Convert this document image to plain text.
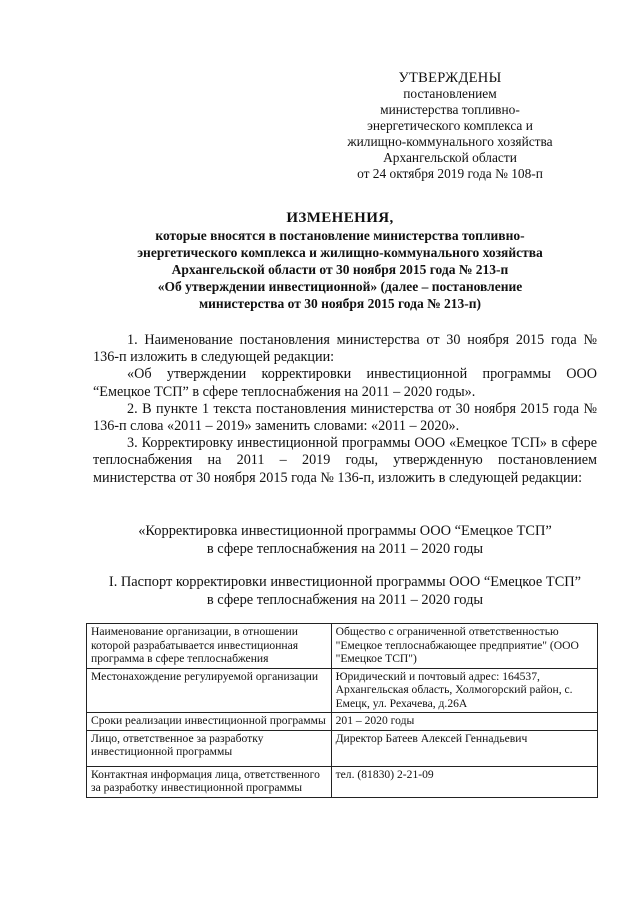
УТВЕРЖДЕНЫ
постановлением
министерства топливно-
энергетического комплекса и
жилищно-коммунального хозяйства
Архангельской области
от 24 октября 2019 года № 108-п
ИЗМЕНЕНИЯ,
которые вносятся в постановление министерства топливно-
энергетического комплекса и жилищно-коммунального хозяйства
Архангельской области от 30 ноября 2015 года № 213-п
«Об утверждении инвестиционной» (далее – постановление
министерства от 30 ноября 2015 года № 213-п)

1. Наименование постановления министерства от 30 ноября 2015 года № 136-п изложить в следующей редакции:

«Об утверждении корректировки инвестиционной программы ООО “Емецкое ТСП” в сфере теплоснабжения на 2011 – 2020 годы».

2. В пункте 1 текста постановления министерства от 30 ноября 2015 года № 136-п слова «2011 – 2019» заменить словами: «2011 – 2020».

3. Корректировку инвестиционной программы ООО «Емецкое ТСП» в сфере теплоснабжения на 2011 – 2019 годы, утвержденную постановлением министерства от 30 ноября 2015 года № 136-п, изложить в следующей редакции:

«Корректировка инвестиционной программы ООО “Емецкое ТСП”
в сфере теплоснабжения на 2011 – 2020 годы
I. Паспорт корректировки инвестиционной программы ООО “Емецкое ТСП”
в сфере теплоснабжения на 2011 – 2020 годы
Наименование организации, в отношении которой разрабатывается инвестиционная программа в сфере теплоснабжения	Общество с ограниченной ответственностью "Емецкое теплоснабжающее предприятие" (ООО "Емецкое ТСП")
Местонахождение регулируемой организации	Юридический и почтовый адрес: 164537, Архангельская область, Холмогорский район, с. Емецк, ул. Рехачева, д.26А
Сроки реализации инвестиционной программы	201 – 2020 годы
Лицо, ответственное за разработку инвестиционной программы	Директор Батеев Алексей Геннадьевич
Контактная информация лица, ответственного за разработку инвестиционной программы	тел. (81830) 2-21-09
